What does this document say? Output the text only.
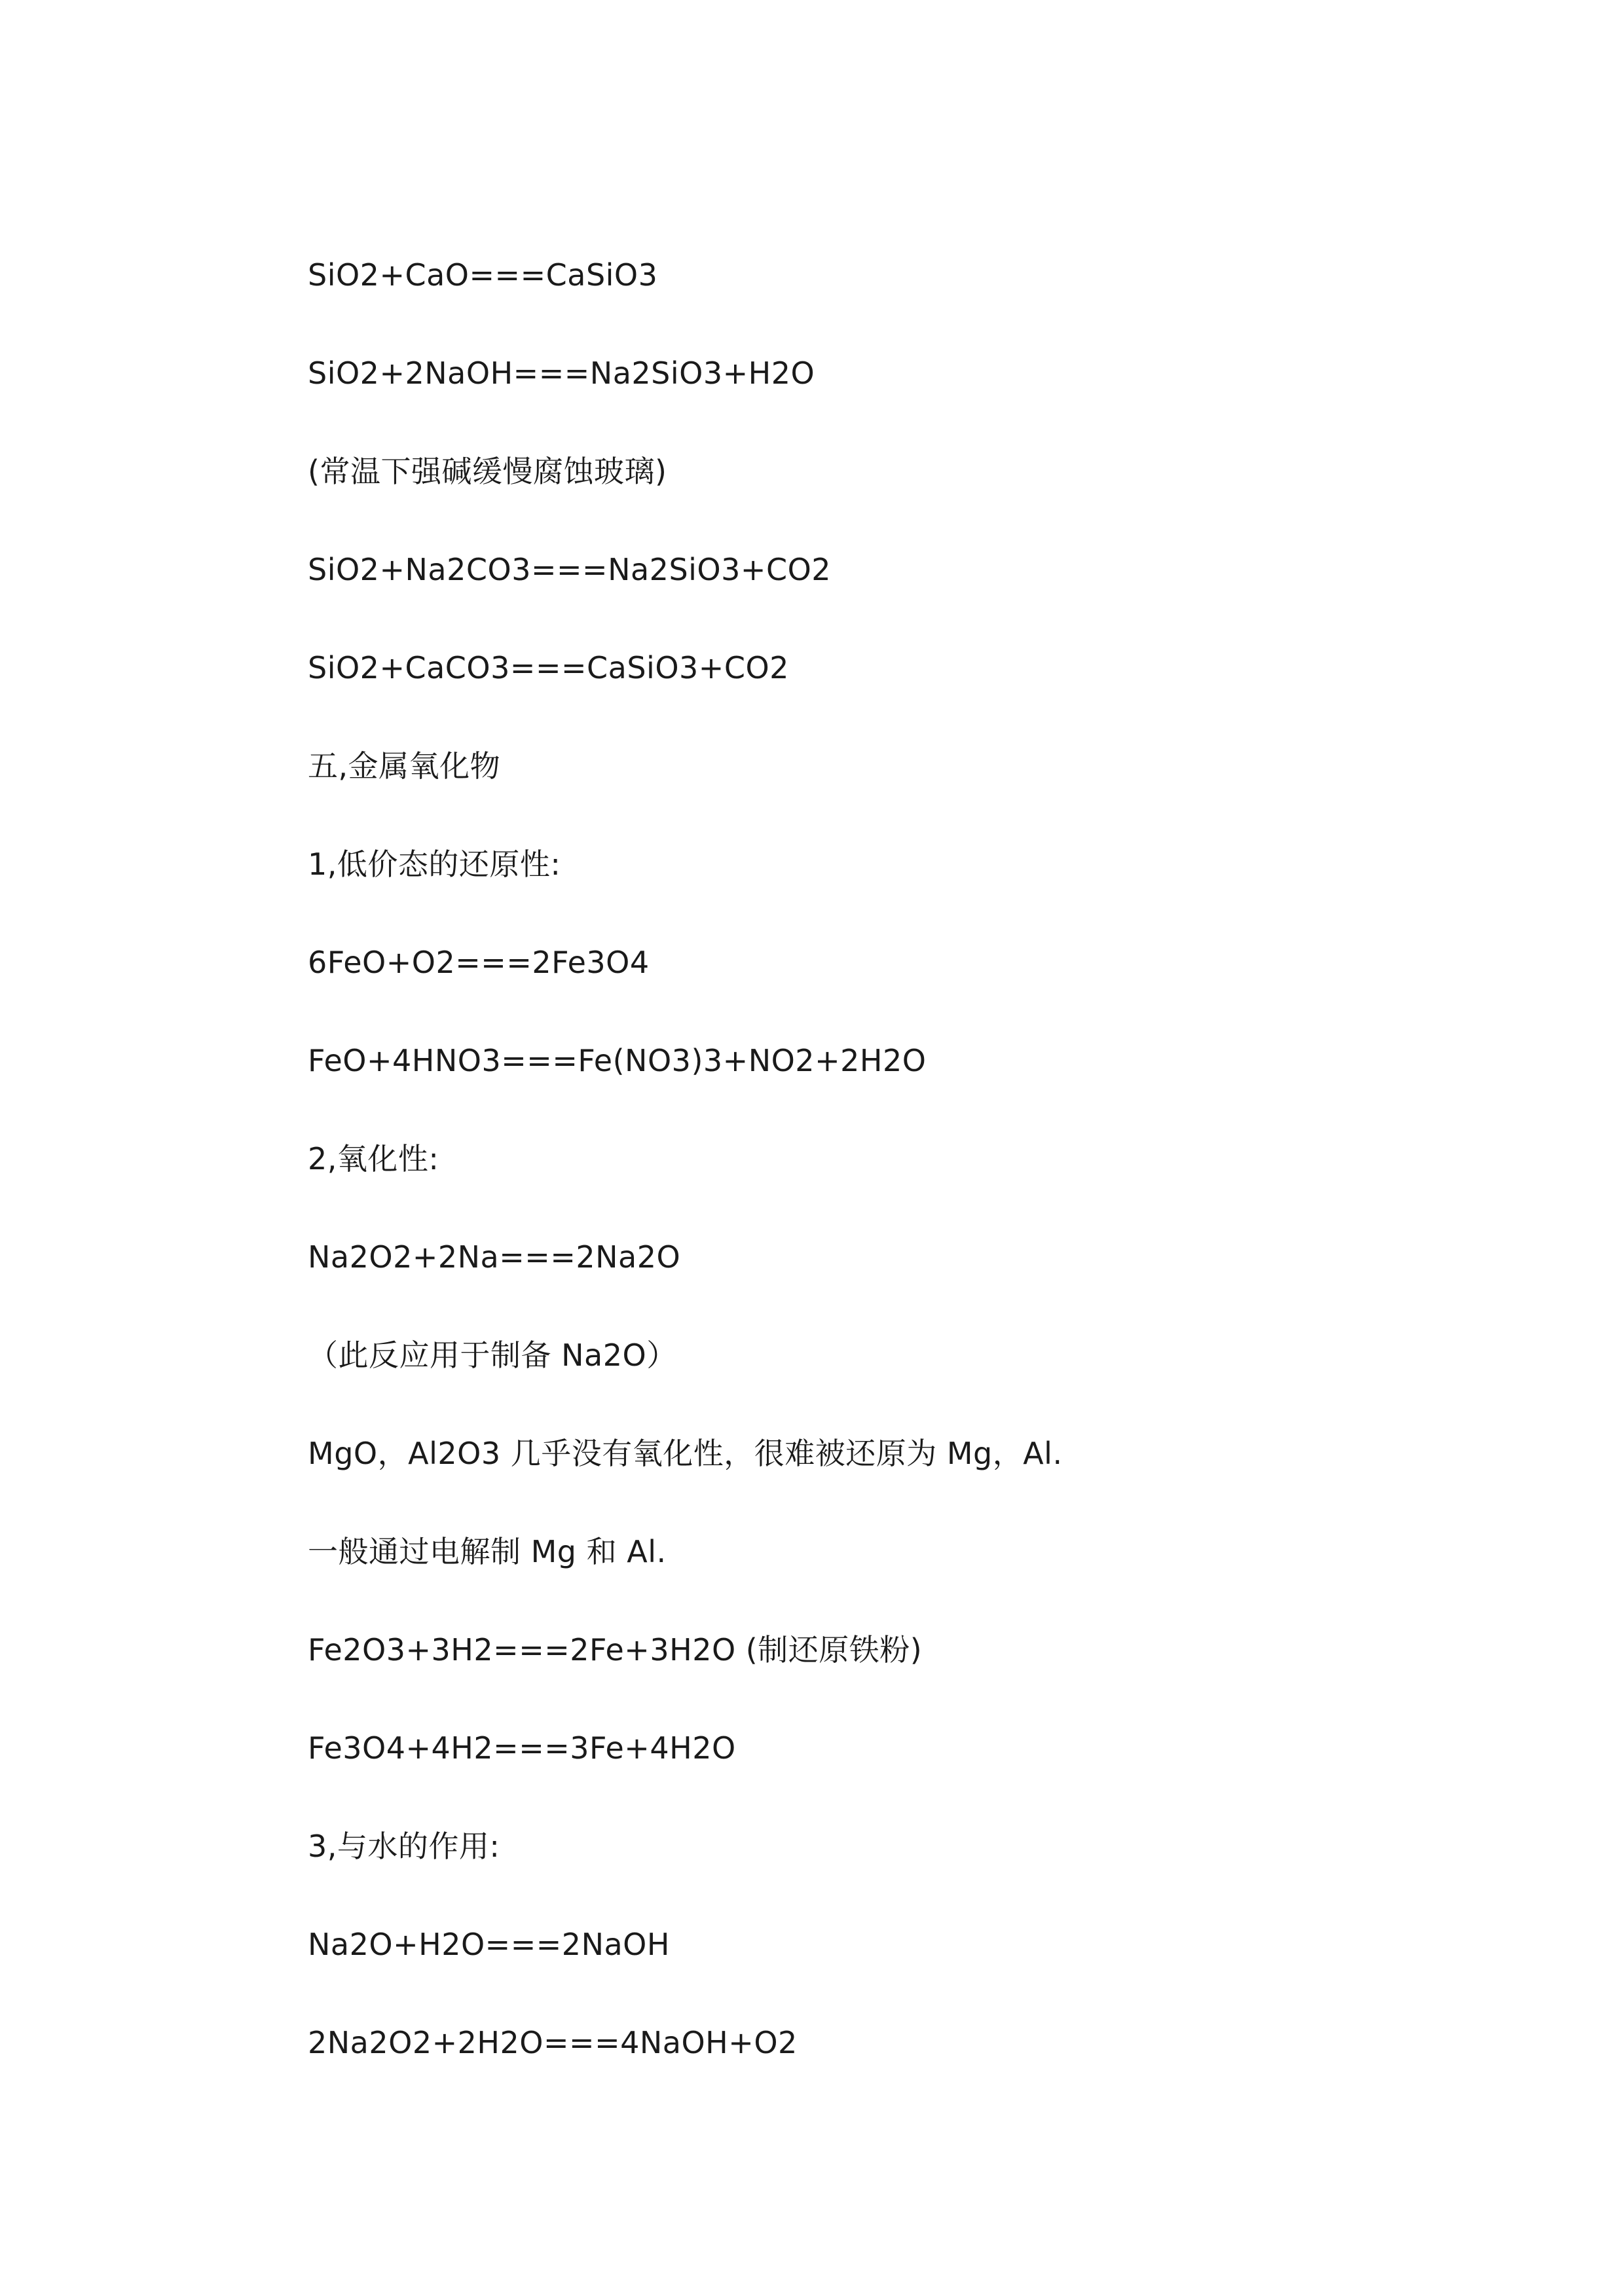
SiO2+CaO===CaSiO3
SiO2+2NaOH===Na2SiO3+H2O
(常温下强碱缓慢腐蚀玻璃)
SiO2+Na2CO3===Na2SiO3+CO2
SiO2+CaCO3===CaSiO3+CO2
五,金属氧化物
1,低价态的还原性:
6FeO+O2===2Fe3O4
FeO+4HNO3===Fe(NO3)3+NO2+2H2O
2,氧化性:
Na2O2+2Na===2Na2O
（此反应用于制备 Na2O）
MgO，Al2O3 几乎没有氧化性，很难被还原为 Mg，Al.
一般通过电解制 Mg 和 Al.
Fe2O3+3H2===2Fe+3H2O (制还原铁粉)
Fe3O4+4H2===3Fe+4H2O
3,与水的作用:
Na2O+H2O===2NaOH
2Na2O2+2H2O===4NaOH+O2
